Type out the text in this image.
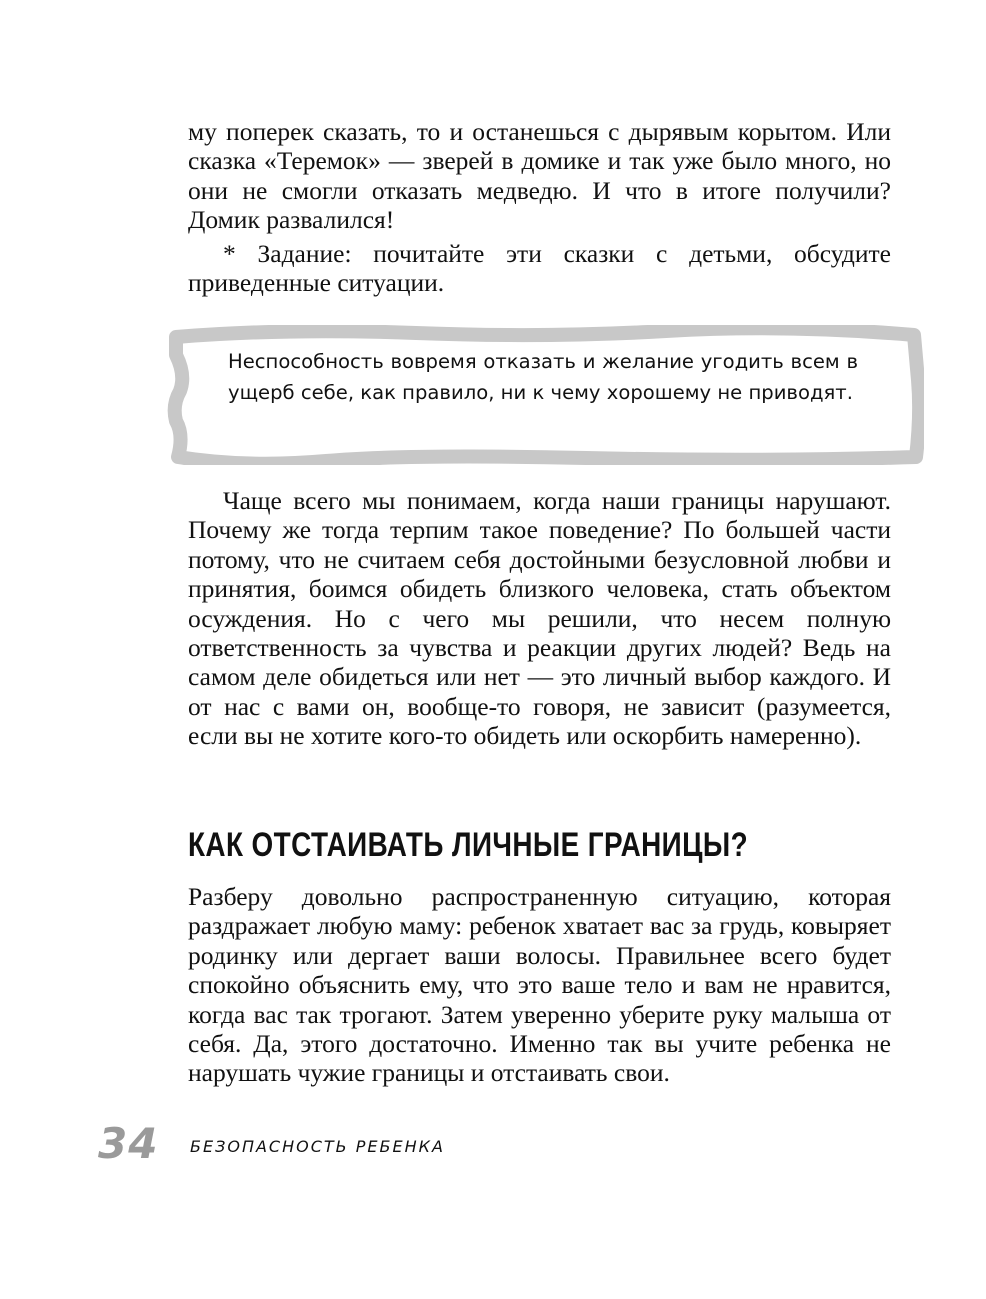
му поперек сказать, то и останешься с дырявым корытом. Или сказка «Теремок» — зверей в домике и так уже было много, но они не смогли отказать медведю. И что в итоге получили? Домик развалился!

* Задание: почитайте эти сказки с детьми, обсудите приведенные ситуации.

Неспособность вовремя отказать и желание угодить всем в ущерб себе, как правило, ни к чему хорошему не приводят.

Чаще всего мы понимаем, когда наши границы нарушают. Почему же тогда терпим такое поведение? По большей части потому, что не считаем себя достойными безусловной любви и принятия, боимся обидеть близкого человека, стать объектом осуждения. Но с чего мы решили, что несем полную ответственность за чувства и реакции других людей? Ведь на самом деле обидеться или нет — это личный выбор каждого. И от нас с вами он, вообще-то говоря, не зависит (разумеется, если вы не хотите кого-то обидеть или оскорбить намеренно).

КАК ОТСТАИВАТЬ ЛИЧНЫЕ ГРАНИЦЫ?

Разберу довольно распространенную ситуацию, которая раздражает любую маму: ребенок хватает вас за грудь, ковыряет родинку или дергает ваши волосы. Правильнее всего будет спокойно объяснить ему, что это ваше тело и вам не нравится, когда вас так трогают. Затем уверенно уберите руку малыша от себя. Да, этого достаточно. Именно так вы учите ребенка не нарушать чужие границы и отстаивать свои.

34 БЕЗОПАСНОСТЬ РЕБЕНКА
